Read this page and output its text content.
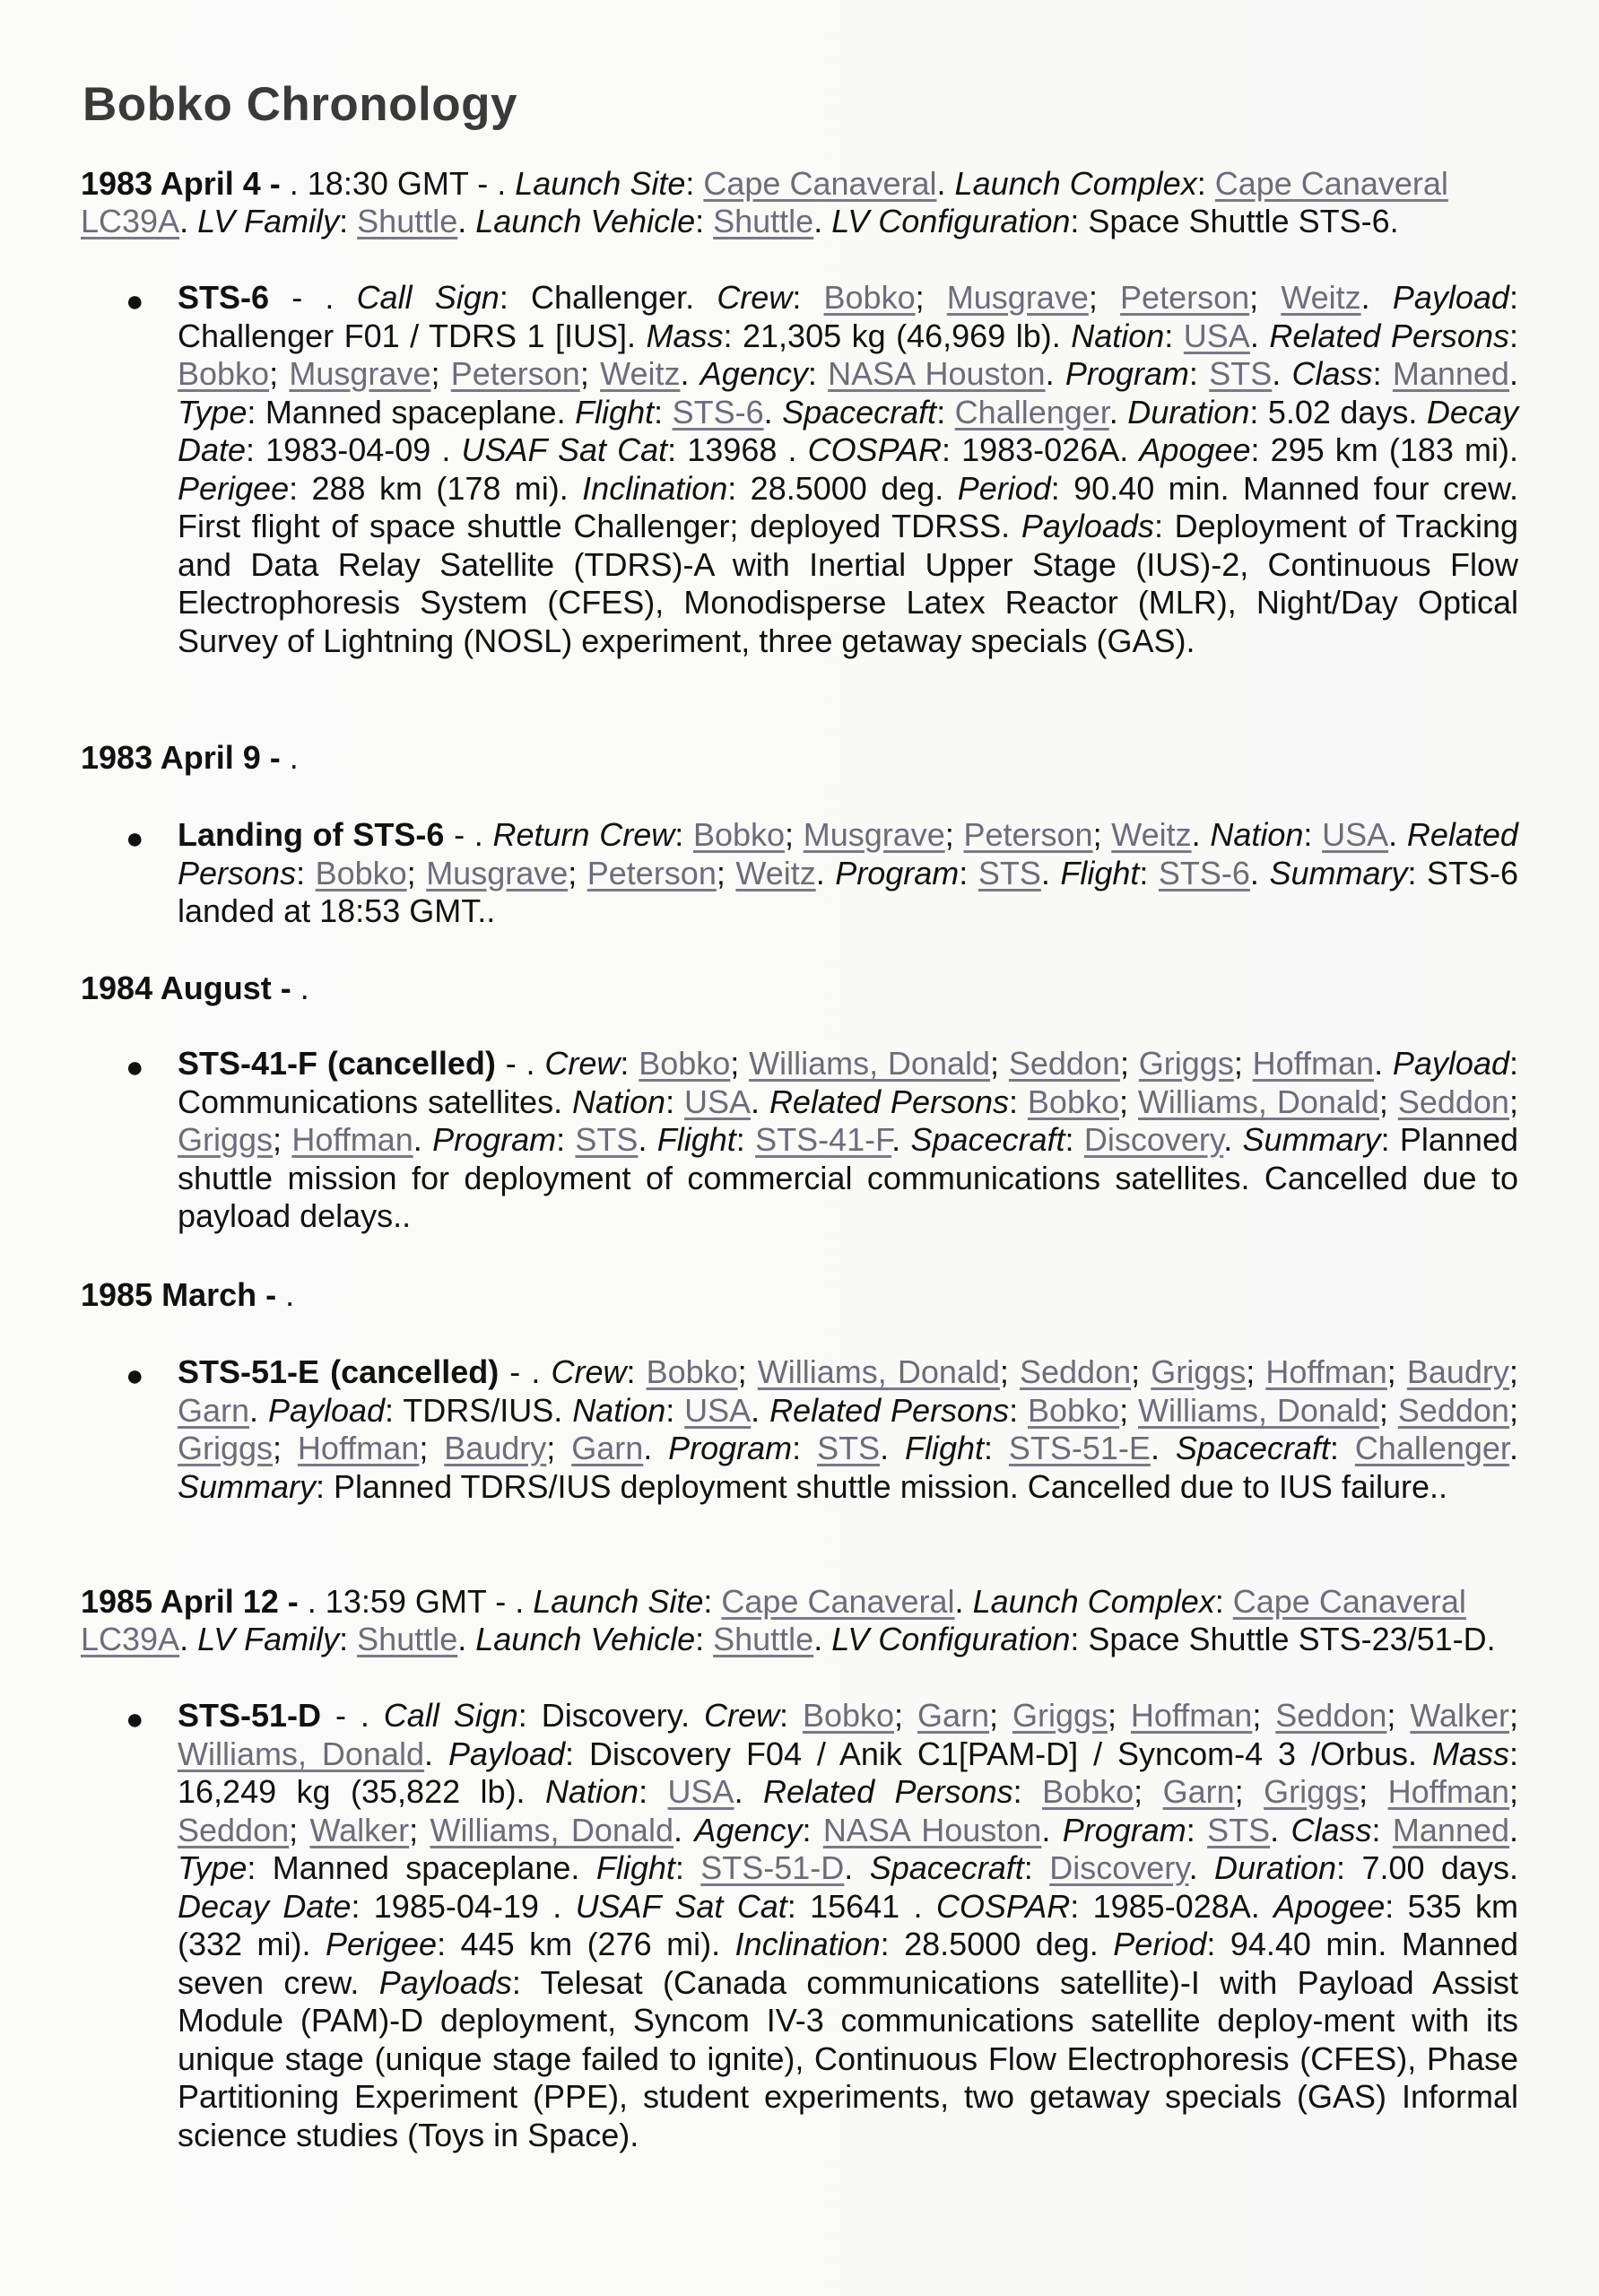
Bobko Chronology
1983 April 4 - . 18:30 GMT - . Launch Site: Cape Canaveral. Launch Complex: Cape Canaveral LC39A. LV Family: Shuttle. Launch Vehicle: Shuttle. LV Configuration: Space Shuttle STS-6.
● STS-6 - . Call Sign: Challenger. Crew: Bobko; Musgrave; Peterson; Weitz. Payload: Challenger F01 / TDRS 1 [IUS]. Mass: 21,305 kg (46,969 lb). Nation: USA. Related Persons: Bobko; Musgrave; Peterson; Weitz. Agency: NASA Houston. Program: STS. Class: Manned. Type: Manned spaceplane. Flight: STS-6. Spacecraft: Challenger. Duration: 5.02 days. Decay Date: 1983-04-09 . USAF Sat Cat: 13968 . COSPAR: 1983-026A. Apogee: 295 km (183 mi). Perigee: 288 km (178 mi). Inclination: 28.5000 deg. Period: 90.40 min. Manned four crew. First flight of space shuttle Challenger; deployed TDRSS. Payloads: Deployment of Tracking and Data Relay Satellite (TDRS)-A with Inertial Upper Stage (IUS)-2, Continuous Flow Electrophoresis System (CFES), Monodisperse Latex Reactor (MLR), Night/Day Optical Survey of Lightning (NOSL) experiment, three getaway specials (GAS).
1983 April 9 - .
● Landing of STS-6 - . Return Crew: Bobko; Musgrave; Peterson; Weitz. Nation: USA. Related Persons: Bobko; Musgrave; Peterson; Weitz. Program: STS. Flight: STS-6. Summary: STS-6 landed at 18:53 GMT..
1984 August - .
● STS-41-F (cancelled) - . Crew: Bobko; Williams, Donald; Seddon; Griggs; Hoffman. Payload: Communications satellites. Nation: USA. Related Persons: Bobko; Williams, Donald; Seddon; Griggs; Hoffman. Program: STS. Flight: STS-41-F. Spacecraft: Discovery. Summary: Planned shuttle mission for deployment of commercial communications satellites. Cancelled due to payload delays..
1985 March - .
● STS-51-E (cancelled) - . Crew: Bobko; Williams, Donald; Seddon; Griggs; Hoffman; Baudry; Garn. Payload: TDRS/IUS. Nation: USA. Related Persons: Bobko; Williams, Donald; Seddon; Griggs; Hoffman; Baudry; Garn. Program: STS. Flight: STS-51-E. Spacecraft: Challenger. Summary: Planned TDRS/IUS deployment shuttle mission. Cancelled due to IUS failure..
1985 April 12 - . 13:59 GMT - . Launch Site: Cape Canaveral. Launch Complex: Cape Canaveral LC39A. LV Family: Shuttle. Launch Vehicle: Shuttle. LV Configuration: Space Shuttle STS-23/51-D.
● STS-51-D - . Call Sign: Discovery. Crew: Bobko; Garn; Griggs; Hoffman; Seddon; Walker; Williams, Donald. Payload: Discovery F04 / Anik C1[PAM-D] / Syncom-4 3 /Orbus. Mass: 16,249 kg (35,822 lb). Nation: USA. Related Persons: Bobko; Garn; Griggs; Hoffman; Seddon; Walker; Williams, Donald. Agency: NASA Houston. Program: STS. Class: Manned. Type: Manned spaceplane. Flight: STS-51-D. Spacecraft: Discovery. Duration: 7.00 days. Decay Date: 1985-04-19 . USAF Sat Cat: 15641 . COSPAR: 1985-028A. Apogee: 535 km (332 mi). Perigee: 445 km (276 mi). Inclination: 28.5000 deg. Period: 94.40 min. Manned seven crew. Payloads: Telesat (Canada communications satellite)-I with Payload Assist Module (PAM)-D deployment, Syncom IV-3 communications satellite deploy-ment with its unique stage (unique stage failed to ignite), Continuous Flow Electrophoresis (CFES), Phase Partitioning Experiment (PPE), student experiments, two getaway specials (GAS) Informal science studies (Toys in Space).
